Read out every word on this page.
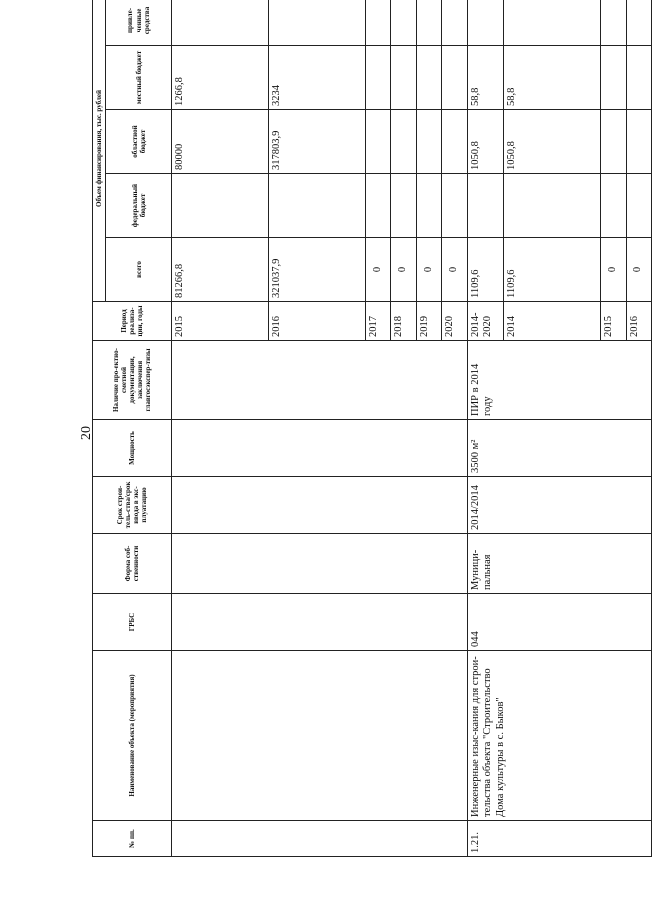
20
№ пп.	Наименование объекта (мероприятия)	ГРБС	Форма соб-ственности	Срок строи-тель-ства/срок ввода в экс-плуатацию	Мощность	Наличие про-ектно-сметной документации, заключения главгосэкспер-тизы	Период реализа-ции, годы	Объем финансирования, тыс. рублей	
								всего	федеральный бюджет	областной бюджет	местный бюджет	привле-ченные средства	
							2015	81266,8		80000	1266,8		
							2016	321037,9		317803,9	3234		
							2017	0					
							2018	0					
							2019	0					
							2020	0					
1.21.	Инженерные изыс-кания для строи-тельства объекта "Строительство Дома культуры в с. Быков"	044	Муници-пальная	2014/2014	3500 м²	ПИР в 2014 году	2014-2020	1109,6		1050,8	58,8		
							2014	1109,6		1050,8	58,8		
							2015	0					
							2016	0					
